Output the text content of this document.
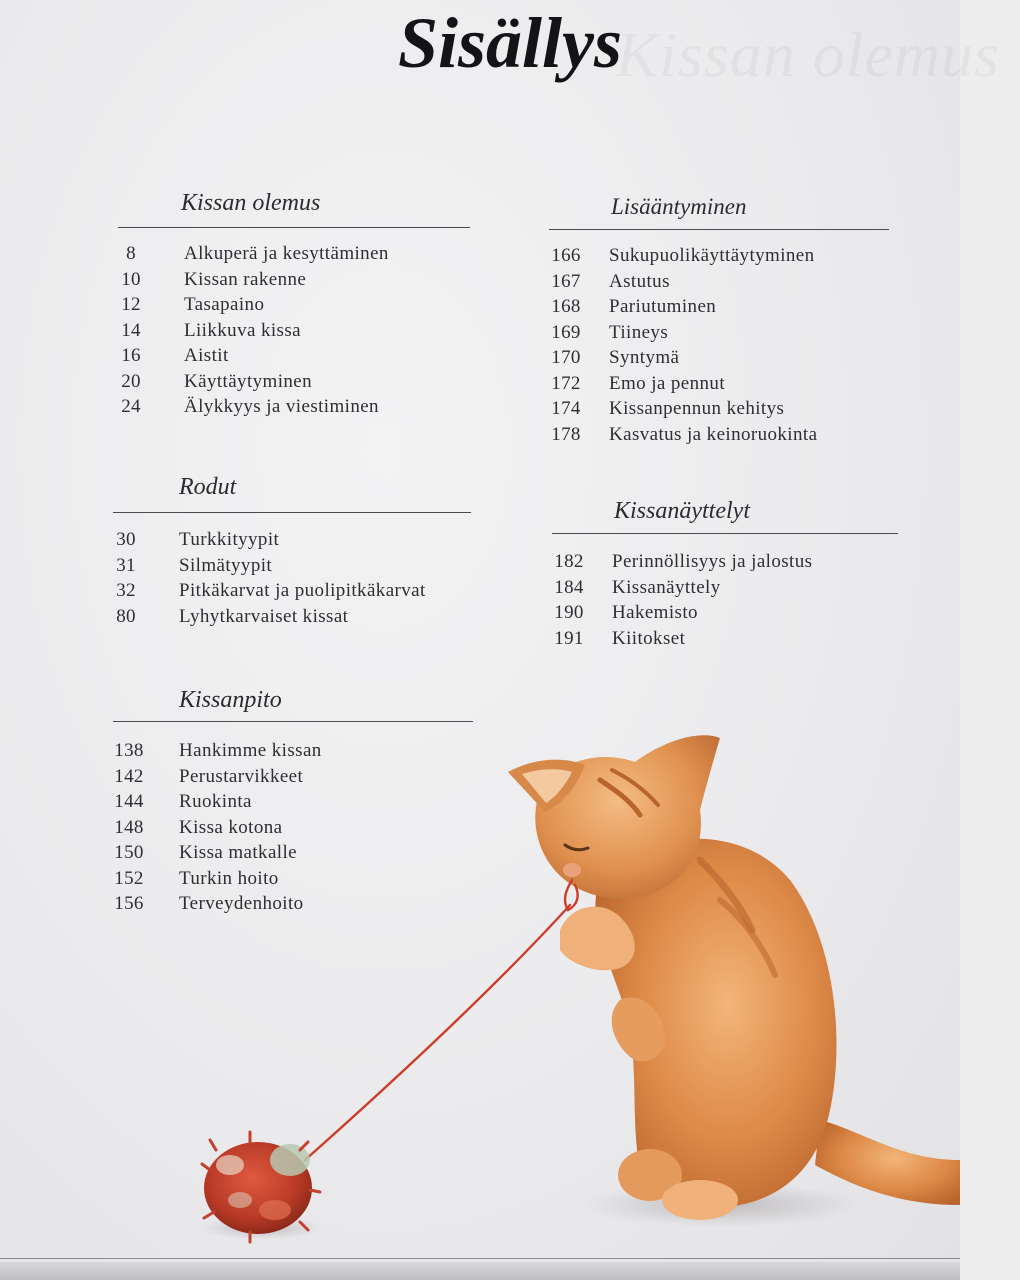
Kissan olemus
Sisällys
Kissan olemus
8	Alkuperä ja kesyttäminen
10 Kissan rakenne
12 Tasapaino
14 Liikkuva kissa
16 Aistit
20 Käyttäytyminen
24 Älykkyys ja viestiminen
Rodut
30 Turkkityypit
31 Silmätyypit
32 Pitkäkarvat ja puolipitkäkarvat
80 Lyhytkarvaiset kissat
Kissanpito
138 Hankimme kissan
142 Perustarvikkeet
144 Ruokinta
148 Kissa kotona
150 Kissa matkalle
152 Turkin hoito
156 Terveydenhoito
Lisääntyminen
166 Sukupuolikäyttäytyminen
167 Astutus
168 Pariutuminen
169 Tiineys
170 Syntymä
172 Emo ja pennut
174 Kissanpennun kehitys
178 Kasvatus ja keinoruokinta
Kissanäyttelyt
182 Perinnöllisyys ja jalostus
184 Kissanäyttely
190 Hakemisto
191 Kiitokset
